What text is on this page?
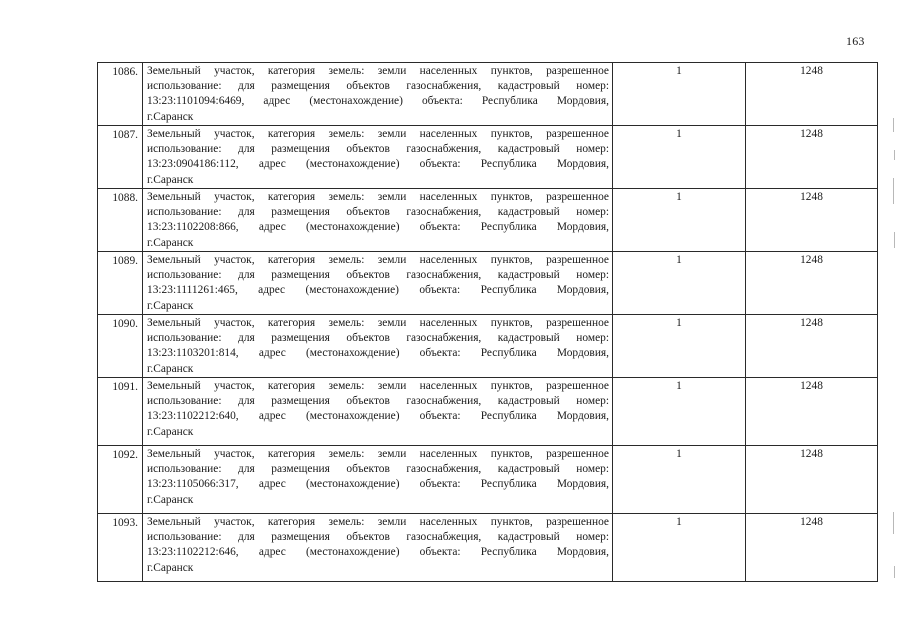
163
1086.	Земельный участок, категория земель: земли населенных пунктов, разрешенное
использование: для размещения объектов газоснабжения, кадастровый номер:
13:23:1101094:6469, адрес (местонахождение) объекта: Республика Мордовия,
г.Саранск	1	1248
1087.	Земельный участок, категория земель: земли населенных пунктов, разрешенное
использование: для размещения объектов газоснабжения, кадастровый номер:
13:23:0904186:112, адрес (местонахождение) объекта: Республика Мордовия,
г.Саранск	1	1248
1088.	Земельный участок, категория земель: земли населенных пунктов, разрешенное
использование: для размещения объектов газоснабжения, кадастровый номер:
13:23:1102208:866, адрес (местонахождение) объекта: Республика Мордовия,
г.Саранск	1	1248
1089.	Земельный участок, категория земель: земли населенных пунктов, разрешенное
использование: для размещения объектов газоснабжения, кадастровый номер:
13:23:1111261:465, адрес (местонахождение) объекта: Республика Мордовия,
г.Саранск	1	1248
1090.	Земельный участок, категория земель: земли населенных пунктов, разрешенное
использование: для размещения объектов газоснабжения, кадастровый номер:
13:23:1103201:814, адрес (местонахождение) объекта: Республика Мордовия,
г.Саранск	1	1248
1091.	Земельный участок, категория земель: земли населенных пунктов, разрешенное
использование: для размещения объектов газоснабжения, кадастровый номер:
13:23:1102212:640, адрес (местонахождение) объекта: Республика Мордовия,
г.Саранск	1	1248
1092.	Земельный участок, категория земель: земли населенных пунктов, разрешенное
использование: для размещения объектов газоснабжения, кадастровый номер:
13:23:1105066:317, адрес (местонахождение) объекта: Республика Мордовия,
г.Саранск	1	1248
1093.	Земельный участок, категория земель: земли населенных пунктов, разрешенное
использование: для размещения объектов газоснабжеция, кадастровый номер:
13:23:1102212:646, адрес (местонахождение) объекта: Республика Мордовия,
г.Саранск	1	1248
